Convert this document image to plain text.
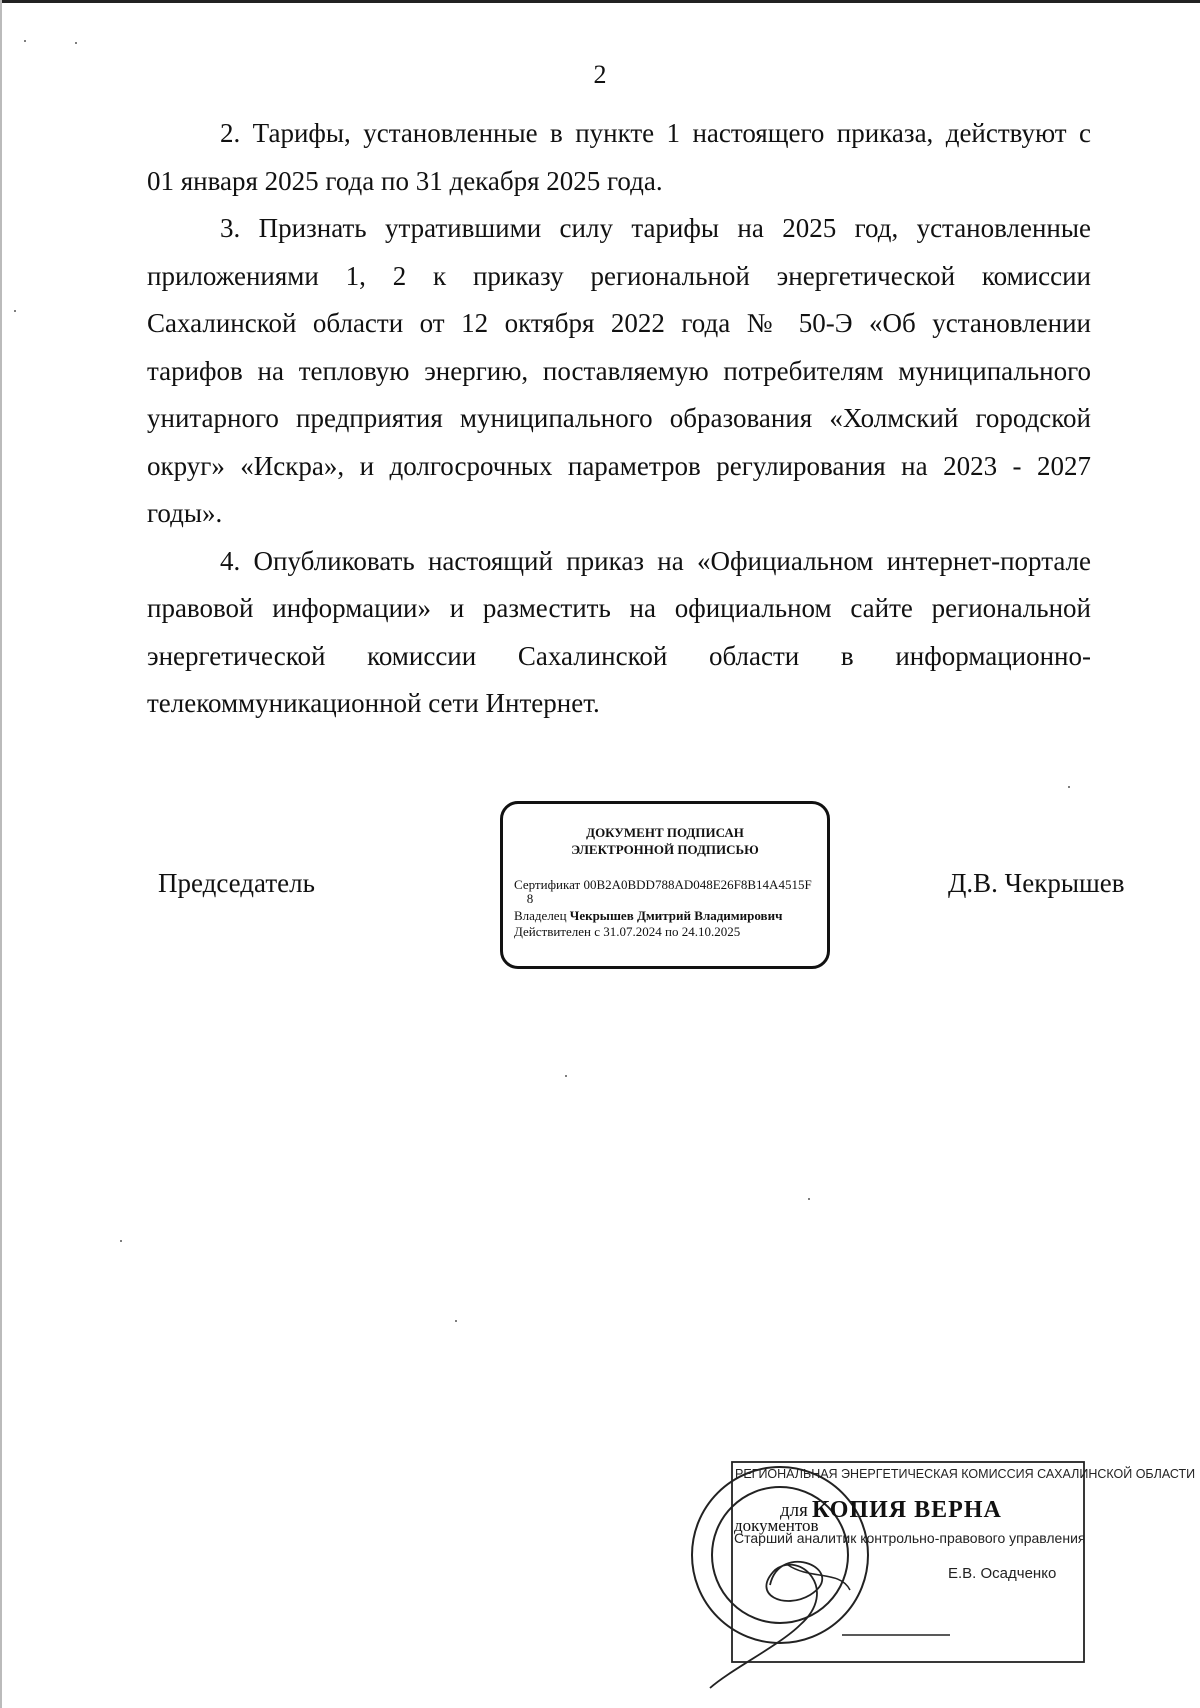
2
2. Тарифы, установленные в пункте 1 настоящего приказа, действуют с
01 января 2025 года по 31 декабря 2025 года.
3. Признать утратившими силу тарифы на 2025 год, установленные
приложениями 1, 2 к приказу региональной энергетической комиссии
Сахалинской области от 12 октября 2022 года № 50-Э «Об установлении
тарифов на тепловую энергию, поставляемую потребителям муниципального
унитарного предприятия муниципального образования «Холмский городской
округ» «Искра», и долгосрочных параметров регулирования на 2023 - 2027
годы».
4. Опубликовать настоящий приказ на «Официальном интернет-портале
правовой информации» и разместить на официальном сайте региональной
энергетической комиссии Сахалинской области в информационно-
телекоммуникационной сети Интернет.
Председатель	Д.В. Чекрышев
ДОКУМЕНТ ПОДПИСАН
ЭЛЕКТРОННОЙ ПОДПИСЬЮ
Сертификат 00B2A0BDD788AD048E26F8B14A4515F
8
Владелец Чекрышев Дмитрий Владимирович
Действителен с 31.07.2024 по 24.10.2025
РЕГИОНАЛЬНАЯ ЭНЕРГЕТИЧЕСКАЯ КОМИССИЯ САХАЛИНСКОЙ ОБЛАСТИ
для КОПИЯ ВЕРНА
документов
Старший аналитик контрольно-правового управления
Е.В. Осадченко
